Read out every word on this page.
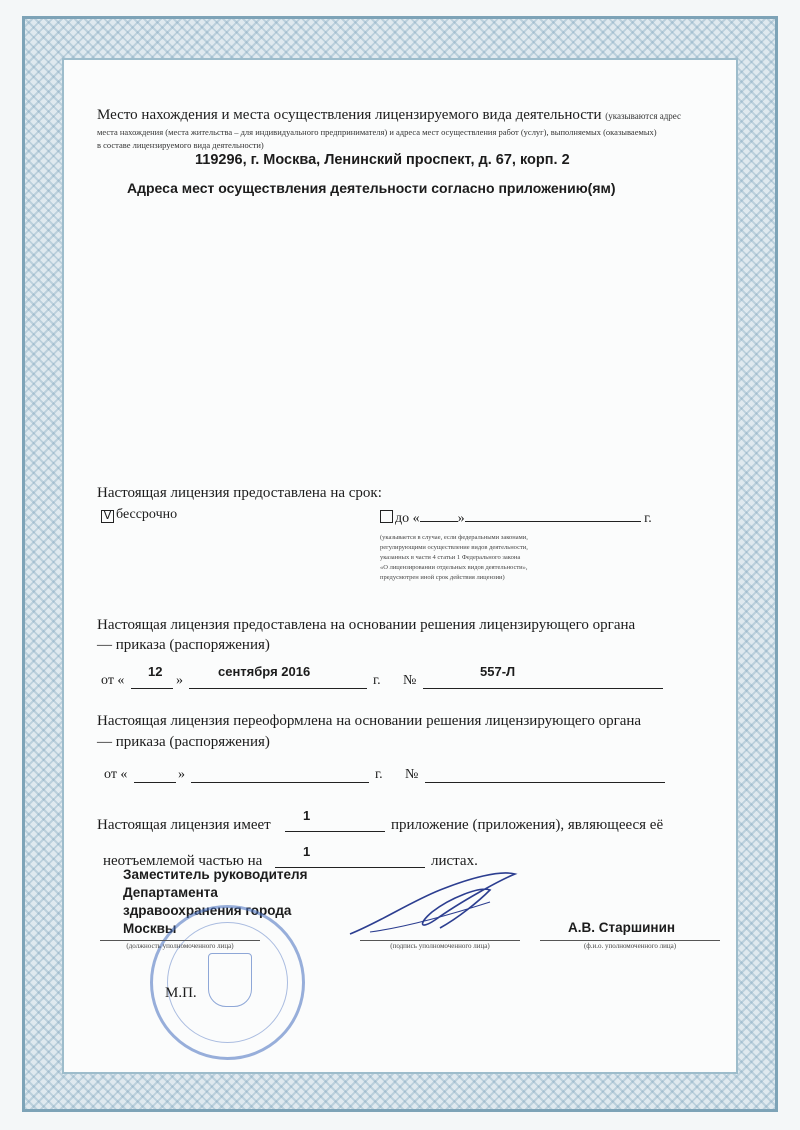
Место нахождения и места осуществления лицензируемого вида деятельности (указываются адрес
места нахождения (места жительства – для индивидуального предпринимателя) и адреса мест осуществления работ (услуг), выполняемых (оказываемых)
в составе лицензируемого вида деятельности)
119296, г. Москва, Ленинский проспект, д. 67, корп. 2
Адреса мест осуществления деятельности согласно приложению(ям)
Настоящая лицензия предоставлена на срок:
V бессрочно	до «	»	г.
(указывается в случае, если федеральными законами,
регулирующими осуществление видов деятельности,
указанных в части 4 статьи 1 Федерального закона
«О лицензировании отдельных видов деятельности»,
предусмотрен иной срок действия лицензии)
Настоящая лицензия предоставлена на основании решения лицензирующего органа
— приказа (распоряжения)
от «
12
»
сентября 2016
г. №
557-Л
Настоящая лицензия переоформлена на основании решения лицензирующего органа
— приказа (распоряжения)
от «	»	г. №
Настоящая лицензия имеет
1
приложение (приложения), являющееся её
неотъемлемой частью на
1
листах.
Заместитель руководителя
Департамента
здравоохранения города
Москвы
(должность уполномоченного лица)	(подпись уполномоченного лица)
А.В. Старшинин
(ф.и.о. уполномоченного лица)
М.П.
